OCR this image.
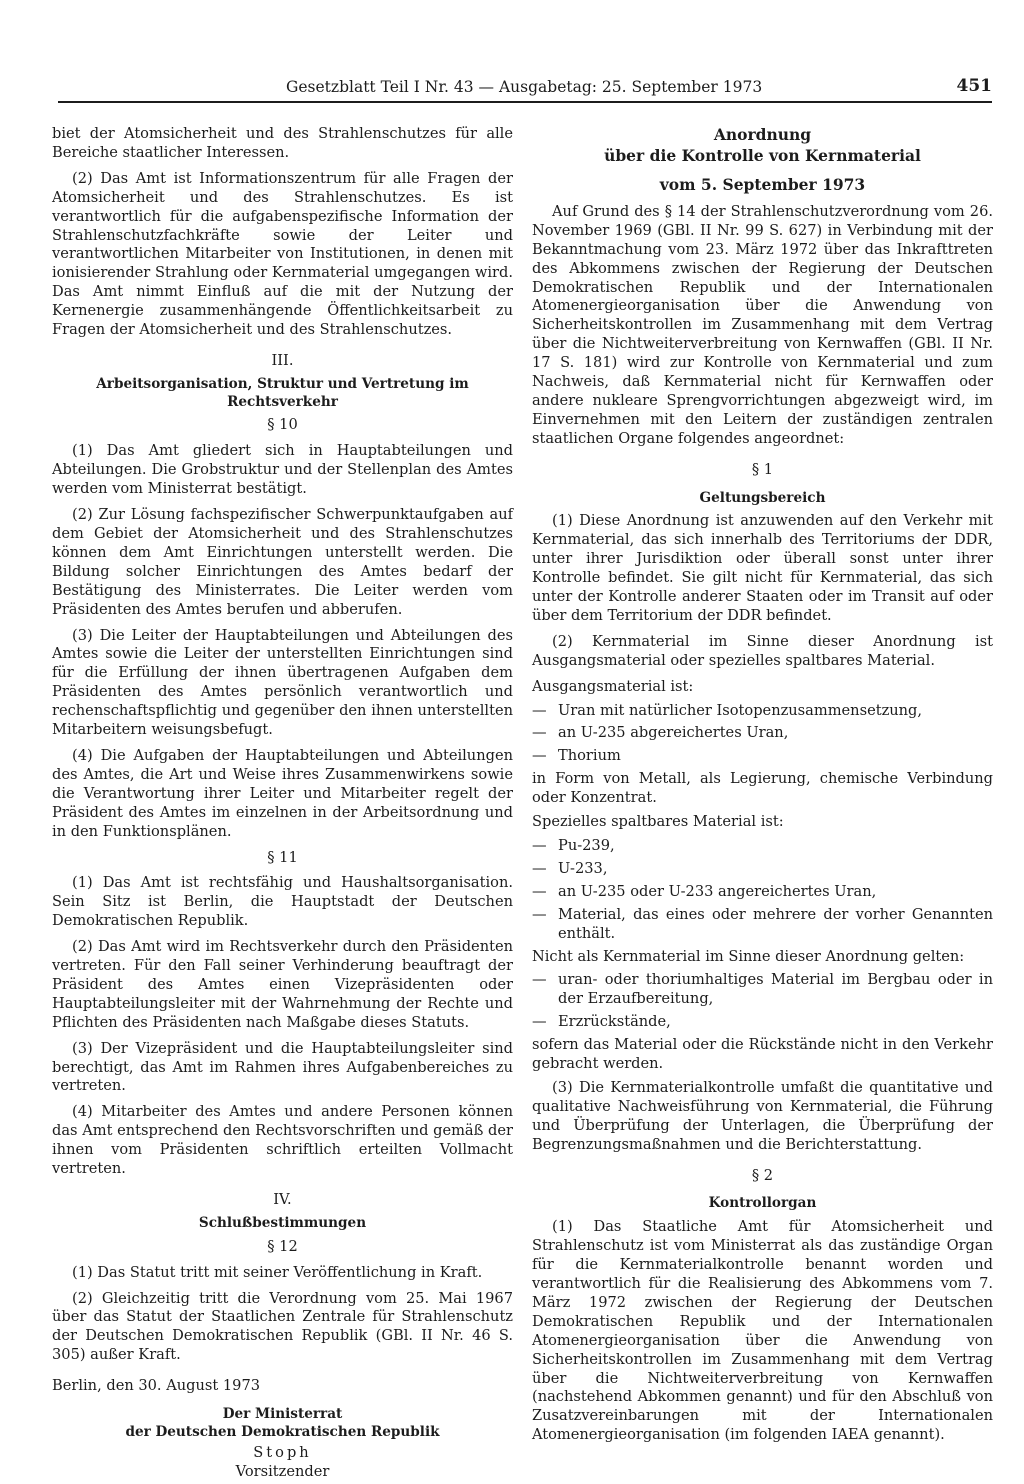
Gesetzblatt Teil I Nr. 43 — Ausgabetag: 25. September 1973	451

biet der Atomsicherheit und des Strahlenschutzes für alle Bereiche staatlicher Interessen.

(2) Das Amt ist Informationszentrum für alle Fragen der Atomsicherheit und des Strahlenschutzes. Es ist verantwortlich für die aufgabenspezifische Information der Strahlenschutzfachkräfte sowie der Leiter und verantwortlichen Mitarbeiter von Institutionen, in denen mit ionisierender Strahlung oder Kernmaterial umgegangen wird. Das Amt nimmt Einfluß auf die mit der Nutzung der Kernenergie zusammenhängende Öffentlichkeitsarbeit zu Fragen der Atomsicherheit und des Strahlenschutzes.

III.
Arbeitsorganisation, Struktur und Vertretung im Rechtsverkehr
§ 10

(1) Das Amt gliedert sich in Hauptabteilungen und Abteilungen. Die Grobstruktur und der Stellenplan des Amtes werden vom Ministerrat bestätigt.

(2) Zur Lösung fachspezifischer Schwerpunktaufgaben auf dem Gebiet der Atomsicherheit und des Strahlenschutzes können dem Amt Einrichtungen unterstellt werden. Die Bildung solcher Einrichtungen des Amtes bedarf der Bestätigung des Ministerrates. Die Leiter werden vom Präsidenten des Amtes berufen und abberufen.

(3) Die Leiter der Hauptabteilungen und Abteilungen des Amtes sowie die Leiter der unterstellten Einrichtungen sind für die Erfüllung der ihnen übertragenen Aufgaben dem Präsidenten des Amtes persönlich verantwortlich und rechenschaftspflichtig und gegenüber den ihnen unterstellten Mitarbeitern weisungsbefugt.

(4) Die Aufgaben der Hauptabteilungen und Abteilungen des Amtes, die Art und Weise ihres Zusammenwirkens sowie die Verantwortung ihrer Leiter und Mitarbeiter regelt der Präsident des Amtes im einzelnen in der Arbeitsordnung und in den Funktionsplänen.

§ 11

(1) Das Amt ist rechtsfähig und Haushaltsorganisation. Sein Sitz ist Berlin, die Hauptstadt der Deutschen Demokratischen Republik.

(2) Das Amt wird im Rechtsverkehr durch den Präsidenten vertreten. Für den Fall seiner Verhinderung beauftragt der Präsident des Amtes einen Vizepräsidenten oder Hauptabteilungsleiter mit der Wahrnehmung der Rechte und Pflichten des Präsidenten nach Maßgabe dieses Statuts.

(3) Der Vizepräsident und die Hauptabteilungsleiter sind berechtigt, das Amt im Rahmen ihres Aufgabenbereiches zu vertreten.

(4) Mitarbeiter des Amtes und andere Personen können das Amt entsprechend den Rechtsvorschriften und gemäß der ihnen vom Präsidenten schriftlich erteilten Vollmacht vertreten.

IV.
Schlußbestimmungen
§ 12

(1) Das Statut tritt mit seiner Veröffentlichung in Kraft.

(2) Gleichzeitig tritt die Verordnung vom 25. Mai 1967 über das Statut der Staatlichen Zentrale für Strahlenschutz der Deutschen Demokratischen Republik (GBl. II Nr. 46 S. 305) außer Kraft.

Berlin, den 30. August 1973

Der Ministerrat
der Deutschen Demokratischen Republik
Stoph
Vorsitzender
Anordnung
über die Kontrolle von Kernmaterial
vom 5. September 1973

Auf Grund des § 14 der Strahlenschutzverordnung vom 26. November 1969 (GBl. II Nr. 99 S. 627) in Verbindung mit der Bekanntmachung vom 23. März 1972 über das Inkrafttreten des Abkommens zwischen der Regierung der Deutschen Demokratischen Republik und der Internationalen Atomenergieorganisation über die Anwendung von Sicherheitskontrollen im Zusammenhang mit dem Vertrag über die Nichtweiterverbreitung von Kernwaffen (GBl. II Nr. 17 S. 181) wird zur Kontrolle von Kernmaterial und zum Nachweis, daß Kernmaterial nicht für Kernwaffen oder andere nukleare Sprengvorrichtungen abgezweigt wird, im Einvernehmen mit den Leitern der zuständigen zentralen staatlichen Organe folgendes angeordnet:

§ 1
Geltungsbereich

(1) Diese Anordnung ist anzuwenden auf den Verkehr mit Kernmaterial, das sich innerhalb des Territoriums der DDR, unter ihrer Jurisdiktion oder überall sonst unter ihrer Kontrolle befindet. Sie gilt nicht für Kernmaterial, das sich unter der Kontrolle anderer Staaten oder im Transit auf oder über dem Territorium der DDR befindet.

(2) Kernmaterial im Sinne dieser Anordnung ist Ausgangsmaterial oder spezielles spaltbares Material.

Ausgangsmaterial ist:

— Uran mit natürlicher Isotopenzusammensetzung,
— an U-235 abgereichertes Uran,
— Thorium

in Form von Metall, als Legierung, chemische Verbindung oder Konzentrat.

Spezielles spaltbares Material ist:

— Pu-239,
— U-233,
— an U-235 oder U-233 angereichertes Uran,
— Material, das eines oder mehrere der vorher Genannten enthält.

Nicht als Kernmaterial im Sinne dieser Anordnung gelten:

— uran- oder thoriumhaltiges Material im Bergbau oder in der Erzaufbereitung,
— Erzrückstände,

sofern das Material oder die Rückstände nicht in den Verkehr gebracht werden.

(3) Die Kernmaterialkontrolle umfaßt die quantitative und qualitative Nachweisführung von Kernmaterial, die Führung und Überprüfung der Unterlagen, die Überprüfung der Begrenzungsmaßnahmen und die Berichterstattung.

§ 2
Kontrollorgan

(1) Das Staatliche Amt für Atomsicherheit und Strahlenschutz ist vom Ministerrat als das zuständige Organ für die Kernmaterialkontrolle benannt worden und verantwortlich für die Realisierung des Abkommens vom 7. März 1972 zwischen der Regierung der Deutschen Demokratischen Republik und der Internationalen Atomenergieorganisation über die Anwendung von Sicherheitskontrollen im Zusammenhang mit dem Vertrag über die Nichtweiterverbreitung von Kernwaffen (nachstehend Abkommen genannt) und für den Abschluß von Zusatzvereinbarungen mit der Internationalen Atomenergieorganisation (im folgenden IAEA genannt).
